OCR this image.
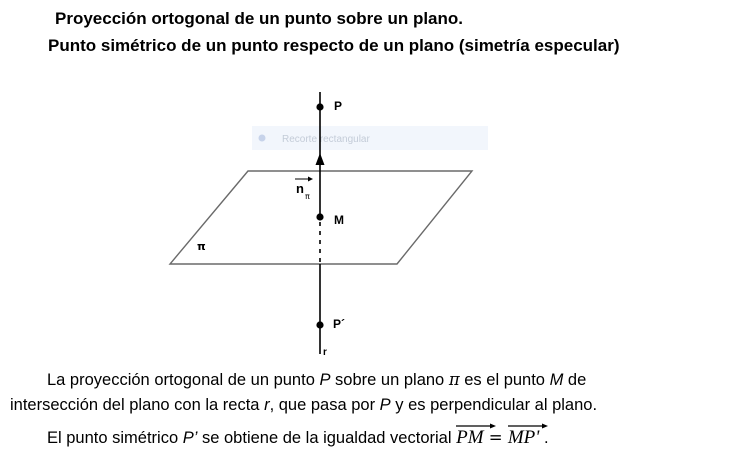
Proyección ortogonal de un punto sobre un plano.
Punto simétrico de un punto respecto de un plano (simetría especular)
Recorte rectangular
P
M
P´
r
π
n
π
La proyección ortogonal de un punto P sobre un plano π es el punto M de
intersección del plano con la recta r, que pasa por P y es perpendicular al plano.
El punto simétrico P’ se obtiene de la igualdad vectorial
PM =
MP' .
